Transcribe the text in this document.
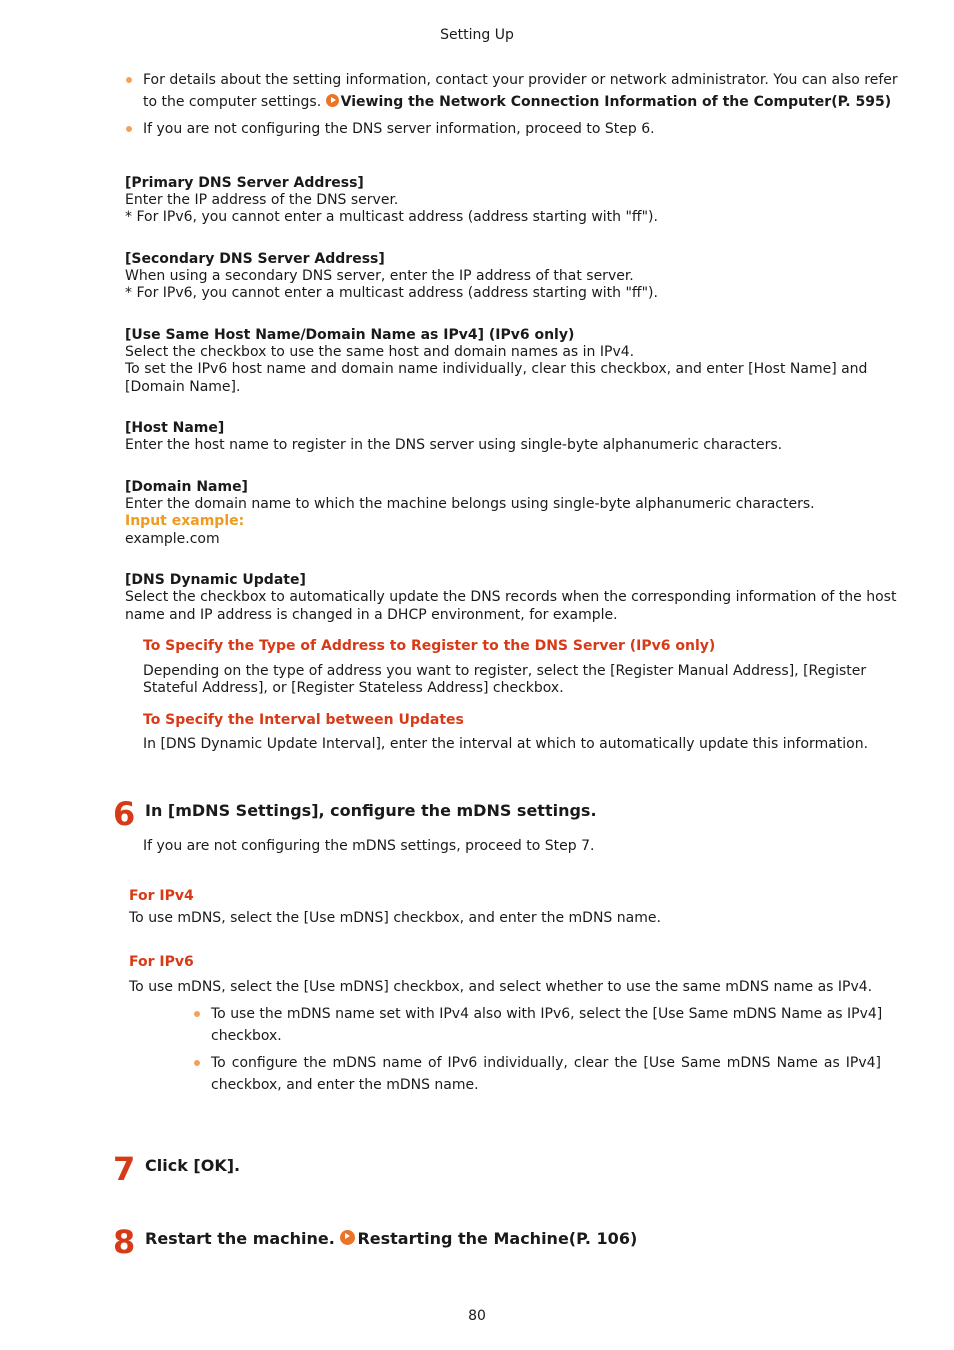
Setting Up
For details about the setting information, contact your provider or network administrator. You can also refer
to the computer settings. Viewing the Network Connection Information of the Computer(P. 595)
If you are not configuring the DNS server information, proceed to Step 6.
[Primary DNS Server Address]
Enter the IP address of the DNS server.
* For IPv6, you cannot enter a multicast address (address starting with "ff").
[Secondary DNS Server Address]
When using a secondary DNS server, enter the IP address of that server.
* For IPv6, you cannot enter a multicast address (address starting with "ff").
[Use Same Host Name/Domain Name as IPv4] (IPv6 only)
Select the checkbox to use the same host and domain names as in IPv4.
To set the IPv6 host name and domain name individually, clear this checkbox, and enter [Host Name] and
[Domain Name].
[Host Name]
Enter the host name to register in the DNS server using single-byte alphanumeric characters.
[Domain Name]
Enter the domain name to which the machine belongs using single-byte alphanumeric characters.
Input example:
example.com
[DNS Dynamic Update]
Select the checkbox to automatically update the DNS records when the corresponding information of the host
name and IP address is changed in a DHCP environment, for example.
To Specify the Type of Address to Register to the DNS Server (IPv6 only)
Depending on the type of address you want to register, select the [Register Manual Address], [Register
Stateful Address], or [Register Stateless Address] checkbox.
To Specify the Interval between Updates
In [DNS Dynamic Update Interval], enter the interval at which to automatically update this information.
6 In [mDNS Settings], configure the mDNS settings.
If you are not configuring the mDNS settings, proceed to Step 7.
For IPv4
To use mDNS, select the [Use mDNS] checkbox, and enter the mDNS name.
For IPv6
To use mDNS, select the [Use mDNS] checkbox, and select whether to use the same mDNS name as IPv4.
To use the mDNS name set with IPv4 also with IPv6, select the [Use Same mDNS Name as IPv4]
checkbox.
To configure the mDNS name of IPv6 individually, clear the [Use Same mDNS Name as IPv4]
checkbox, and enter the mDNS name.
7 Click [OK].
8 Restart the machine. Restarting the Machine(P. 106)
80
